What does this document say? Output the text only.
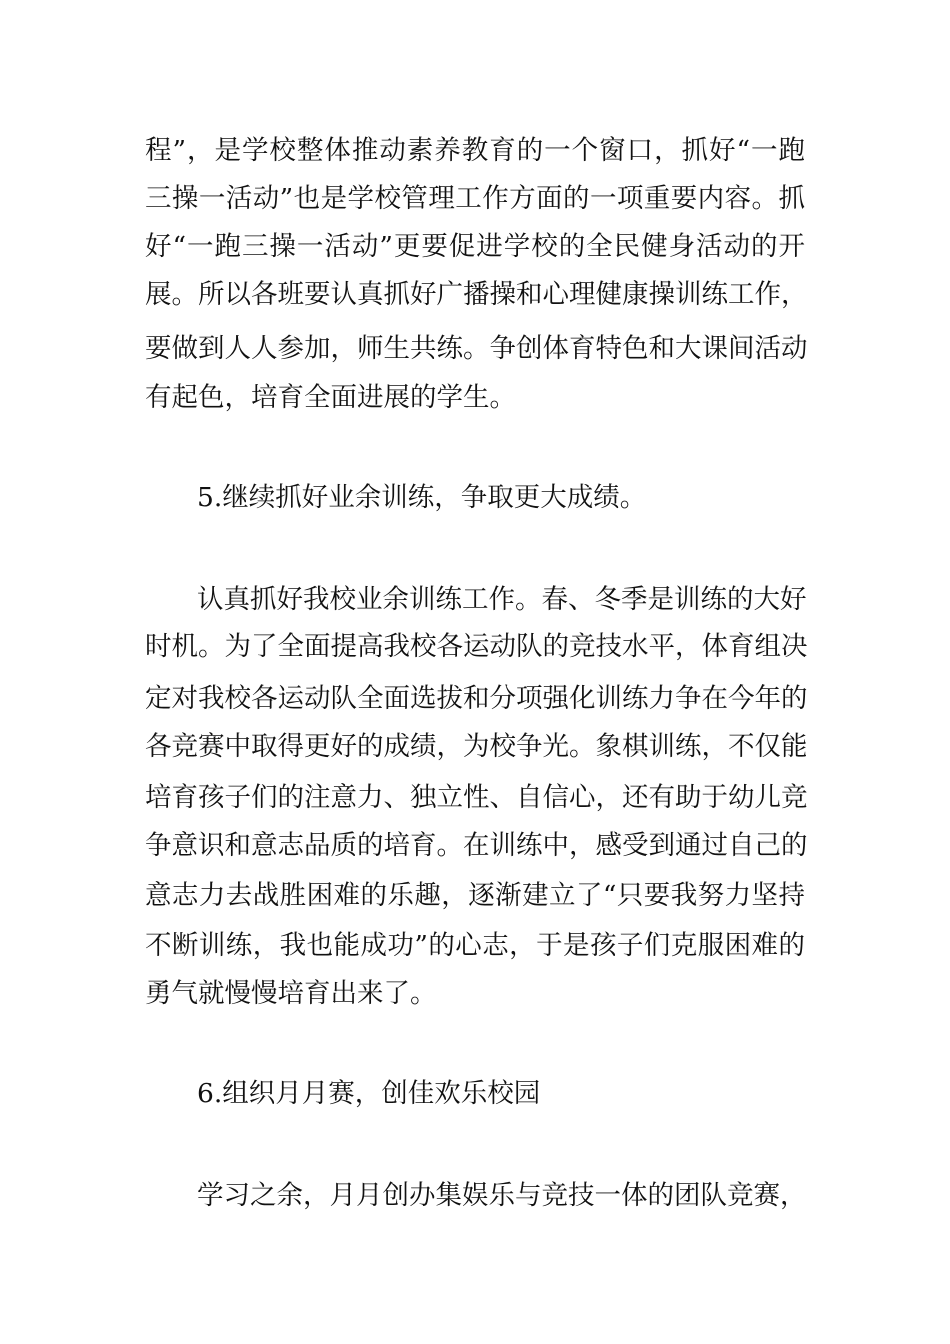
程”，是学校整体推动素养教育的一个窗口，抓好“一跑
三操一活动”也是学校管理工作方面的一项重要内容。抓
好“一跑三操一活动”更要促进学校的全民健身活动的开
展。所以各班要认真抓好广播操和心理健康操训练工作，
要做到人人参加，师生共练。争创体育特色和大课间活动
有起色，培育全面进展的学生。
5.继续抓好业余训练，争取更大成绩。
认真抓好我校业余训练工作。春、冬季是训练的大好
时机。为了全面提高我校各运动队的竞技水平，体育组决
定对我校各运动队全面选拔和分项强化训练力争在今年的
各竞赛中取得更好的成绩，为校争光。象棋训练，不仅能
培育孩子们的注意力、独立性、自信心，还有助于幼儿竞
争意识和意志品质的培育。在训练中，感受到通过自己的
意志力去战胜困难的乐趣，逐渐建立了“只要我努力坚持
不断训练，我也能成功”的心志，于是孩子们克服困难的
勇气就慢慢培育出来了。
6.组织月月赛，创佳欢乐校园
学习之余，月月创办集娱乐与竞技一体的团队竞赛，
